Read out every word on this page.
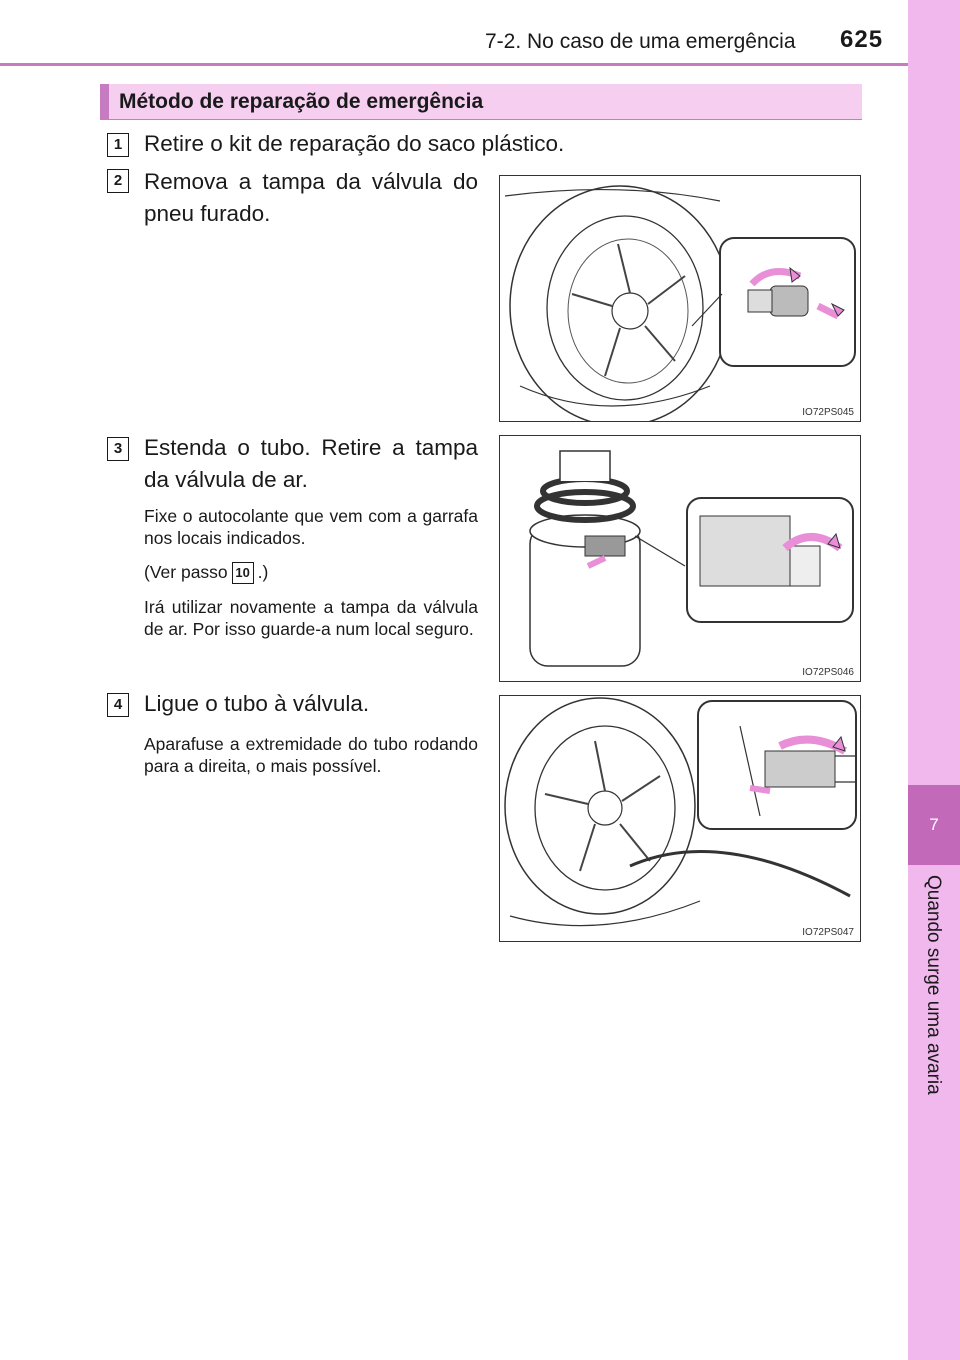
7-2. No caso de uma emergência 625
7
Quando surge uma avaria
Método de reparação de emergência
1 Retire o kit de reparação do saco plástico.
2 Remova a tampa da válvula do pneu furado.
IO72PS045
3 Estenda o tubo. Retire a tampa da válvula de ar.
Fixe o autocolante que vem com a garrafa nos locais indicados.
(Ver passo 10 .)
Irá utilizar novamente a tampa da válvula de ar. Por isso guarde-a num local seguro.
IO72PS046
4 Ligue o tubo à válvula.
Aparafuse a extremidade do tubo rodando para a direita, o mais possível.
IO72PS047
